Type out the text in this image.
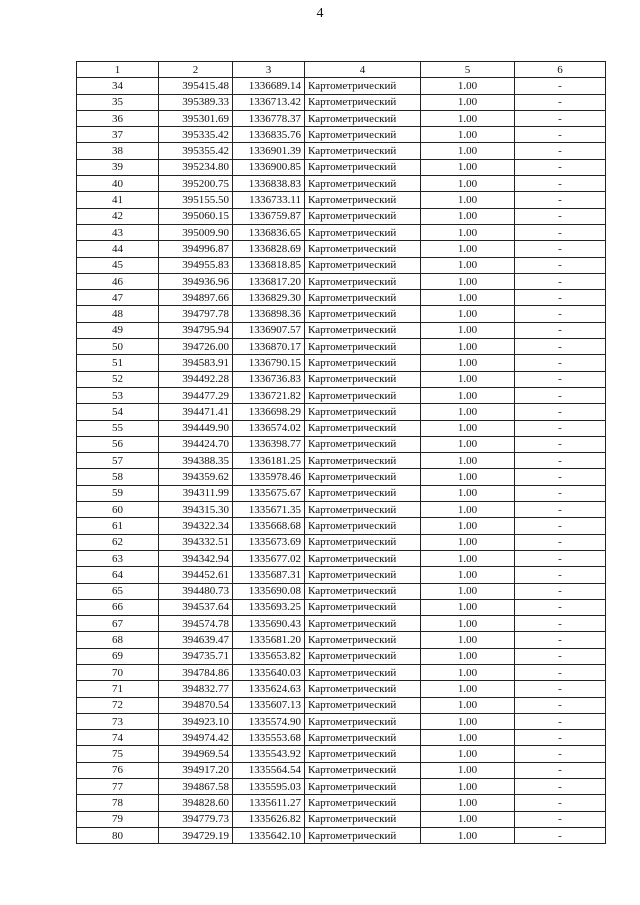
4
1	2	3	4	5	6
34	395415.48	1336689.14	Картометрический	1.00	-
35	395389.33	1336713.42	Картометрический	1.00	-
36	395301.69	1336778.37	Картометрический	1.00	-
37	395335.42	1336835.76	Картометрический	1.00	-
38	395355.42	1336901.39	Картометрический	1.00	-
39	395234.80	1336900.85	Картометрический	1.00	-
40	395200.75	1336838.83	Картометрический	1.00	-
41	395155.50	1336733.11	Картометрический	1.00	-
42	395060.15	1336759.87	Картометрический	1.00	-
43	395009.90	1336836.65	Картометрический	1.00	-
44	394996.87	1336828.69	Картометрический	1.00	-
45	394955.83	1336818.85	Картометрический	1.00	-
46	394936.96	1336817.20	Картометрический	1.00	-
47	394897.66	1336829.30	Картометрический	1.00	-
48	394797.78	1336898.36	Картометрический	1.00	-
49	394795.94	1336907.57	Картометрический	1.00	-
50	394726.00	1336870.17	Картометрический	1.00	-
51	394583.91	1336790.15	Картометрический	1.00	-
52	394492.28	1336736.83	Картометрический	1.00	-
53	394477.29	1336721.82	Картометрический	1.00	-
54	394471.41	1336698.29	Картометрический	1.00	-
55	394449.90	1336574.02	Картометрический	1.00	-
56	394424.70	1336398.77	Картометрический	1.00	-
57	394388.35	1336181.25	Картометрический	1.00	-
58	394359.62	1335978.46	Картометрический	1.00	-
59	394311.99	1335675.67	Картометрический	1.00	-
60	394315.30	1335671.35	Картометрический	1.00	-
61	394322.34	1335668.68	Картометрический	1.00	-
62	394332.51	1335673.69	Картометрический	1.00	-
63	394342.94	1335677.02	Картометрический	1.00	-
64	394452.61	1335687.31	Картометрический	1.00	-
65	394480.73	1335690.08	Картометрический	1.00	-
66	394537.64	1335693.25	Картометрический	1.00	-
67	394574.78	1335690.43	Картометрический	1.00	-
68	394639.47	1335681.20	Картометрический	1.00	-
69	394735.71	1335653.82	Картометрический	1.00	-
70	394784.86	1335640.03	Картометрический	1.00	-
71	394832.77	1335624.63	Картометрический	1.00	-
72	394870.54	1335607.13	Картометрический	1.00	-
73	394923.10	1335574.90	Картометрический	1.00	-
74	394974.42	1335553.68	Картометрический	1.00	-
75	394969.54	1335543.92	Картометрический	1.00	-
76	394917.20	1335564.54	Картометрический	1.00	-
77	394867.58	1335595.03	Картометрический	1.00	-
78	394828.60	1335611.27	Картометрический	1.00	-
79	394779.73	1335626.82	Картометрический	1.00	-
80	394729.19	1335642.10	Картометрический	1.00	-
